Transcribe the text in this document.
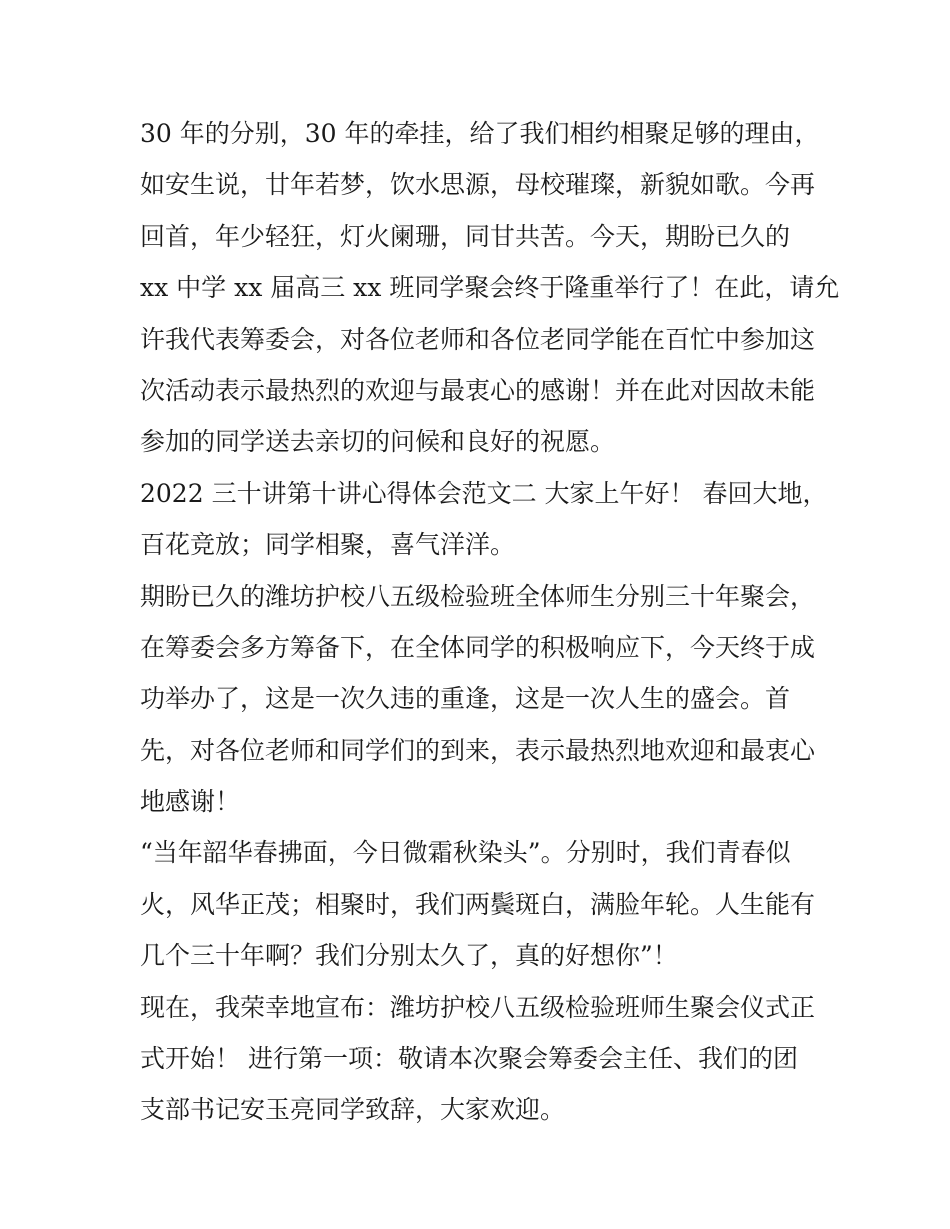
30 年的分别，30 年的牵挂，给了我们相约相聚足够的理由，
如安生说，廿年若梦，饮水思源，母校璀璨，新貌如歌。今再
回首，年少轻狂，灯火阑珊，同甘共苦。今天，期盼已久的
xx 中学 xx 届高三 xx 班同学聚会终于隆重举行了！在此，请允
许我代表筹委会，对各位老师和各位老同学能在百忙中参加这
次活动表示最热烈的欢迎与最衷心的感谢！并在此对因故未能
参加的同学送去亲切的问候和良好的祝愿。
2022 三十讲第十讲心得体会范文二 大家上午好！ 春回大地，
百花竞放；同学相聚，喜气洋洋。
期盼已久的潍坊护校八五级检验班全体师生分别三十年聚会，
在筹委会多方筹备下，在全体同学的积极响应下，今天终于成
功举办了，这是一次久违的重逢，这是一次人生的盛会。首
先，对各位老师和同学们的到来，表示最热烈地欢迎和最衷心
地感谢！
“当年韶华春拂面，今日微霜秋染头”。分别时，我们青春似
火，风华正茂；相聚时，我们两鬓斑白，满脸年轮。人生能有
几个三十年啊？我们分别太久了，真的好想你”！
现在，我荣幸地宣布：潍坊护校八五级检验班师生聚会仪式正
式开始！ 进行第一项：敬请本次聚会筹委会主任、我们的团
支部书记安玉亮同学致辞，大家欢迎。
